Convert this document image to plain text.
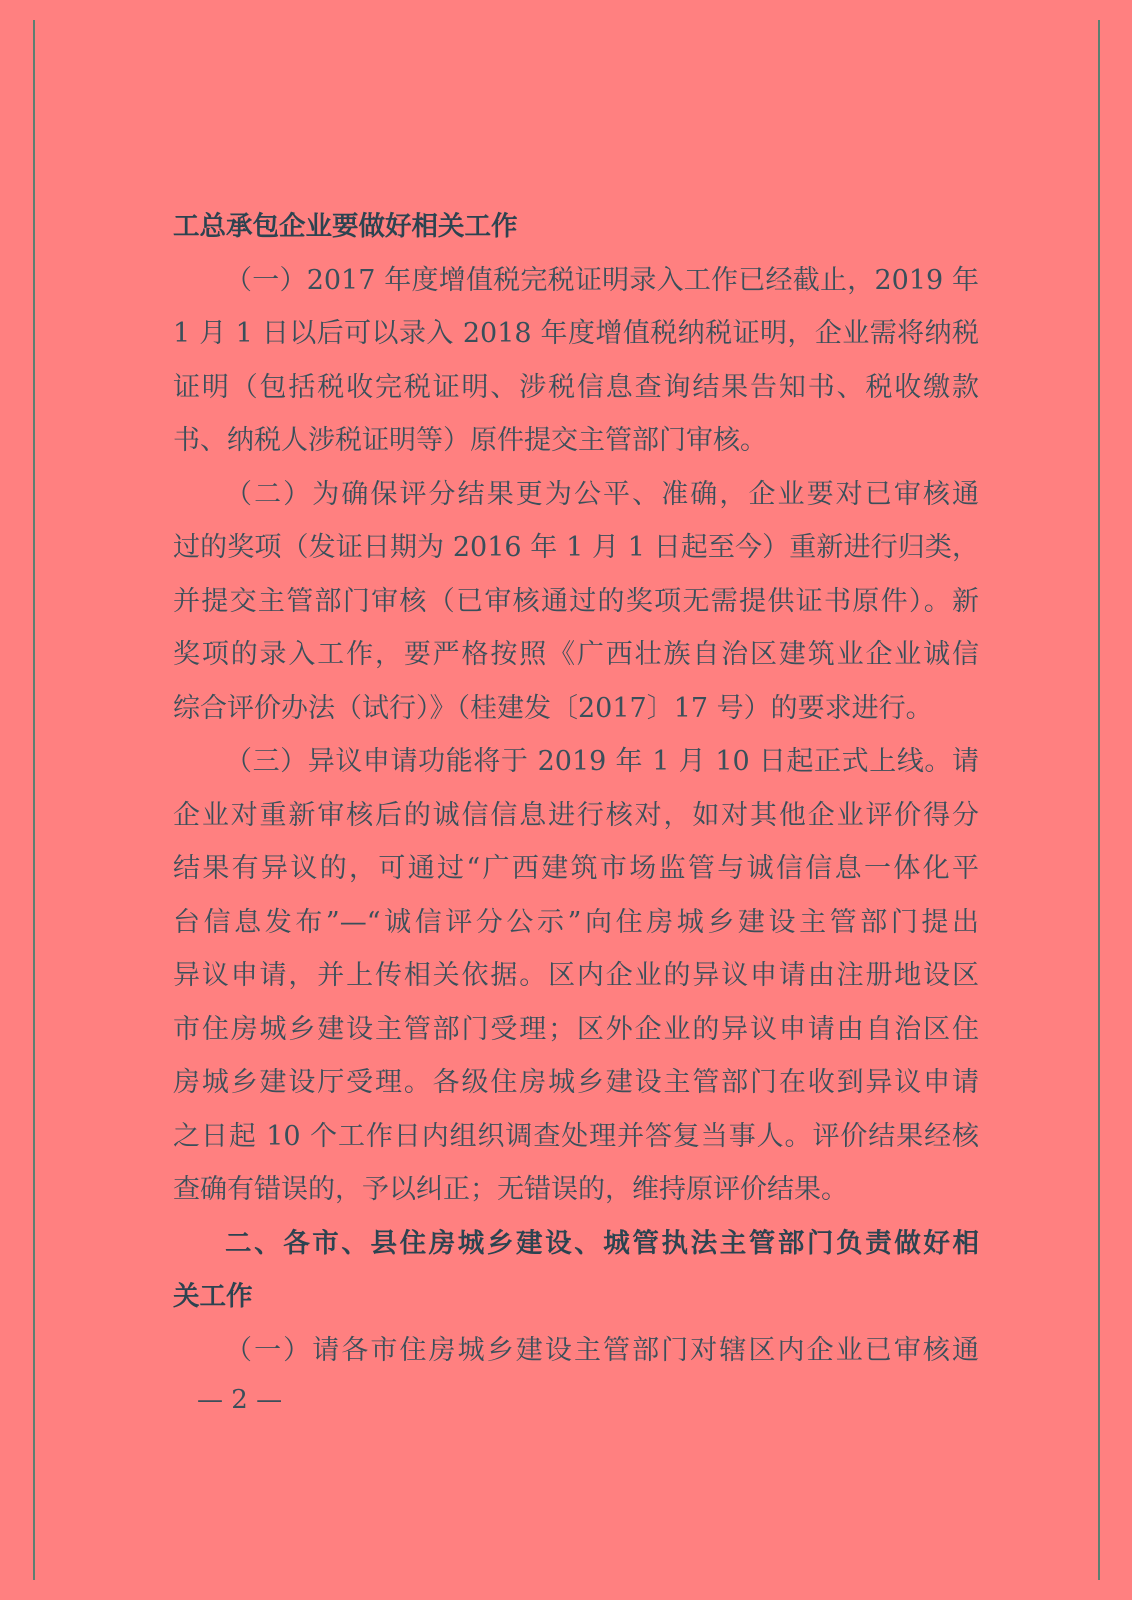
工总承包企业要做好相关工作
（一）2017 年度增值税完税证明录入工作已经截止，2019 年
1 月 1 日以后可以录入 2018 年度增值税纳税证明，企业需将纳税
证明（包括税收完税证明、涉税信息查询结果告知书、税收缴款
书、纳税人涉税证明等）原件提交主管部门审核。
（二）为确保评分结果更为公平、准确，企业要对已审核通
过的奖项（发证日期为 2016 年 1 月 1 日起至今）重新进行归类，
并提交主管部门审核（已审核通过的奖项无需提供证书原件）。新
奖项的录入工作，要严格按照《广西壮族自治区建筑业企业诚信
综合评价办法（试行）》（桂建发〔2017〕17 号）的要求进行。
（三）异议申请功能将于 2019 年 1 月 10 日起正式上线。请
企业对重新审核后的诚信信息进行核对，如对其他企业评价得分
结果有异议的，可通过“广西建筑市场监管与诚信信息一体化平
台信息发布”—“诚信评分公示”向住房城乡建设主管部门提出
异议申请，并上传相关依据。区内企业的异议申请由注册地设区
市住房城乡建设主管部门受理；区外企业的异议申请由自治区住
房城乡建设厅受理。各级住房城乡建设主管部门在收到异议申请
之日起 10 个工作日内组织调查处理并答复当事人。评价结果经核
查确有错误的，予以纠正；无错误的，维持原评价结果。
二、各市、县住房城乡建设、城管执法主管部门负责做好相
关工作
（一）请各市住房城乡建设主管部门对辖区内企业已审核通
— 2 —
